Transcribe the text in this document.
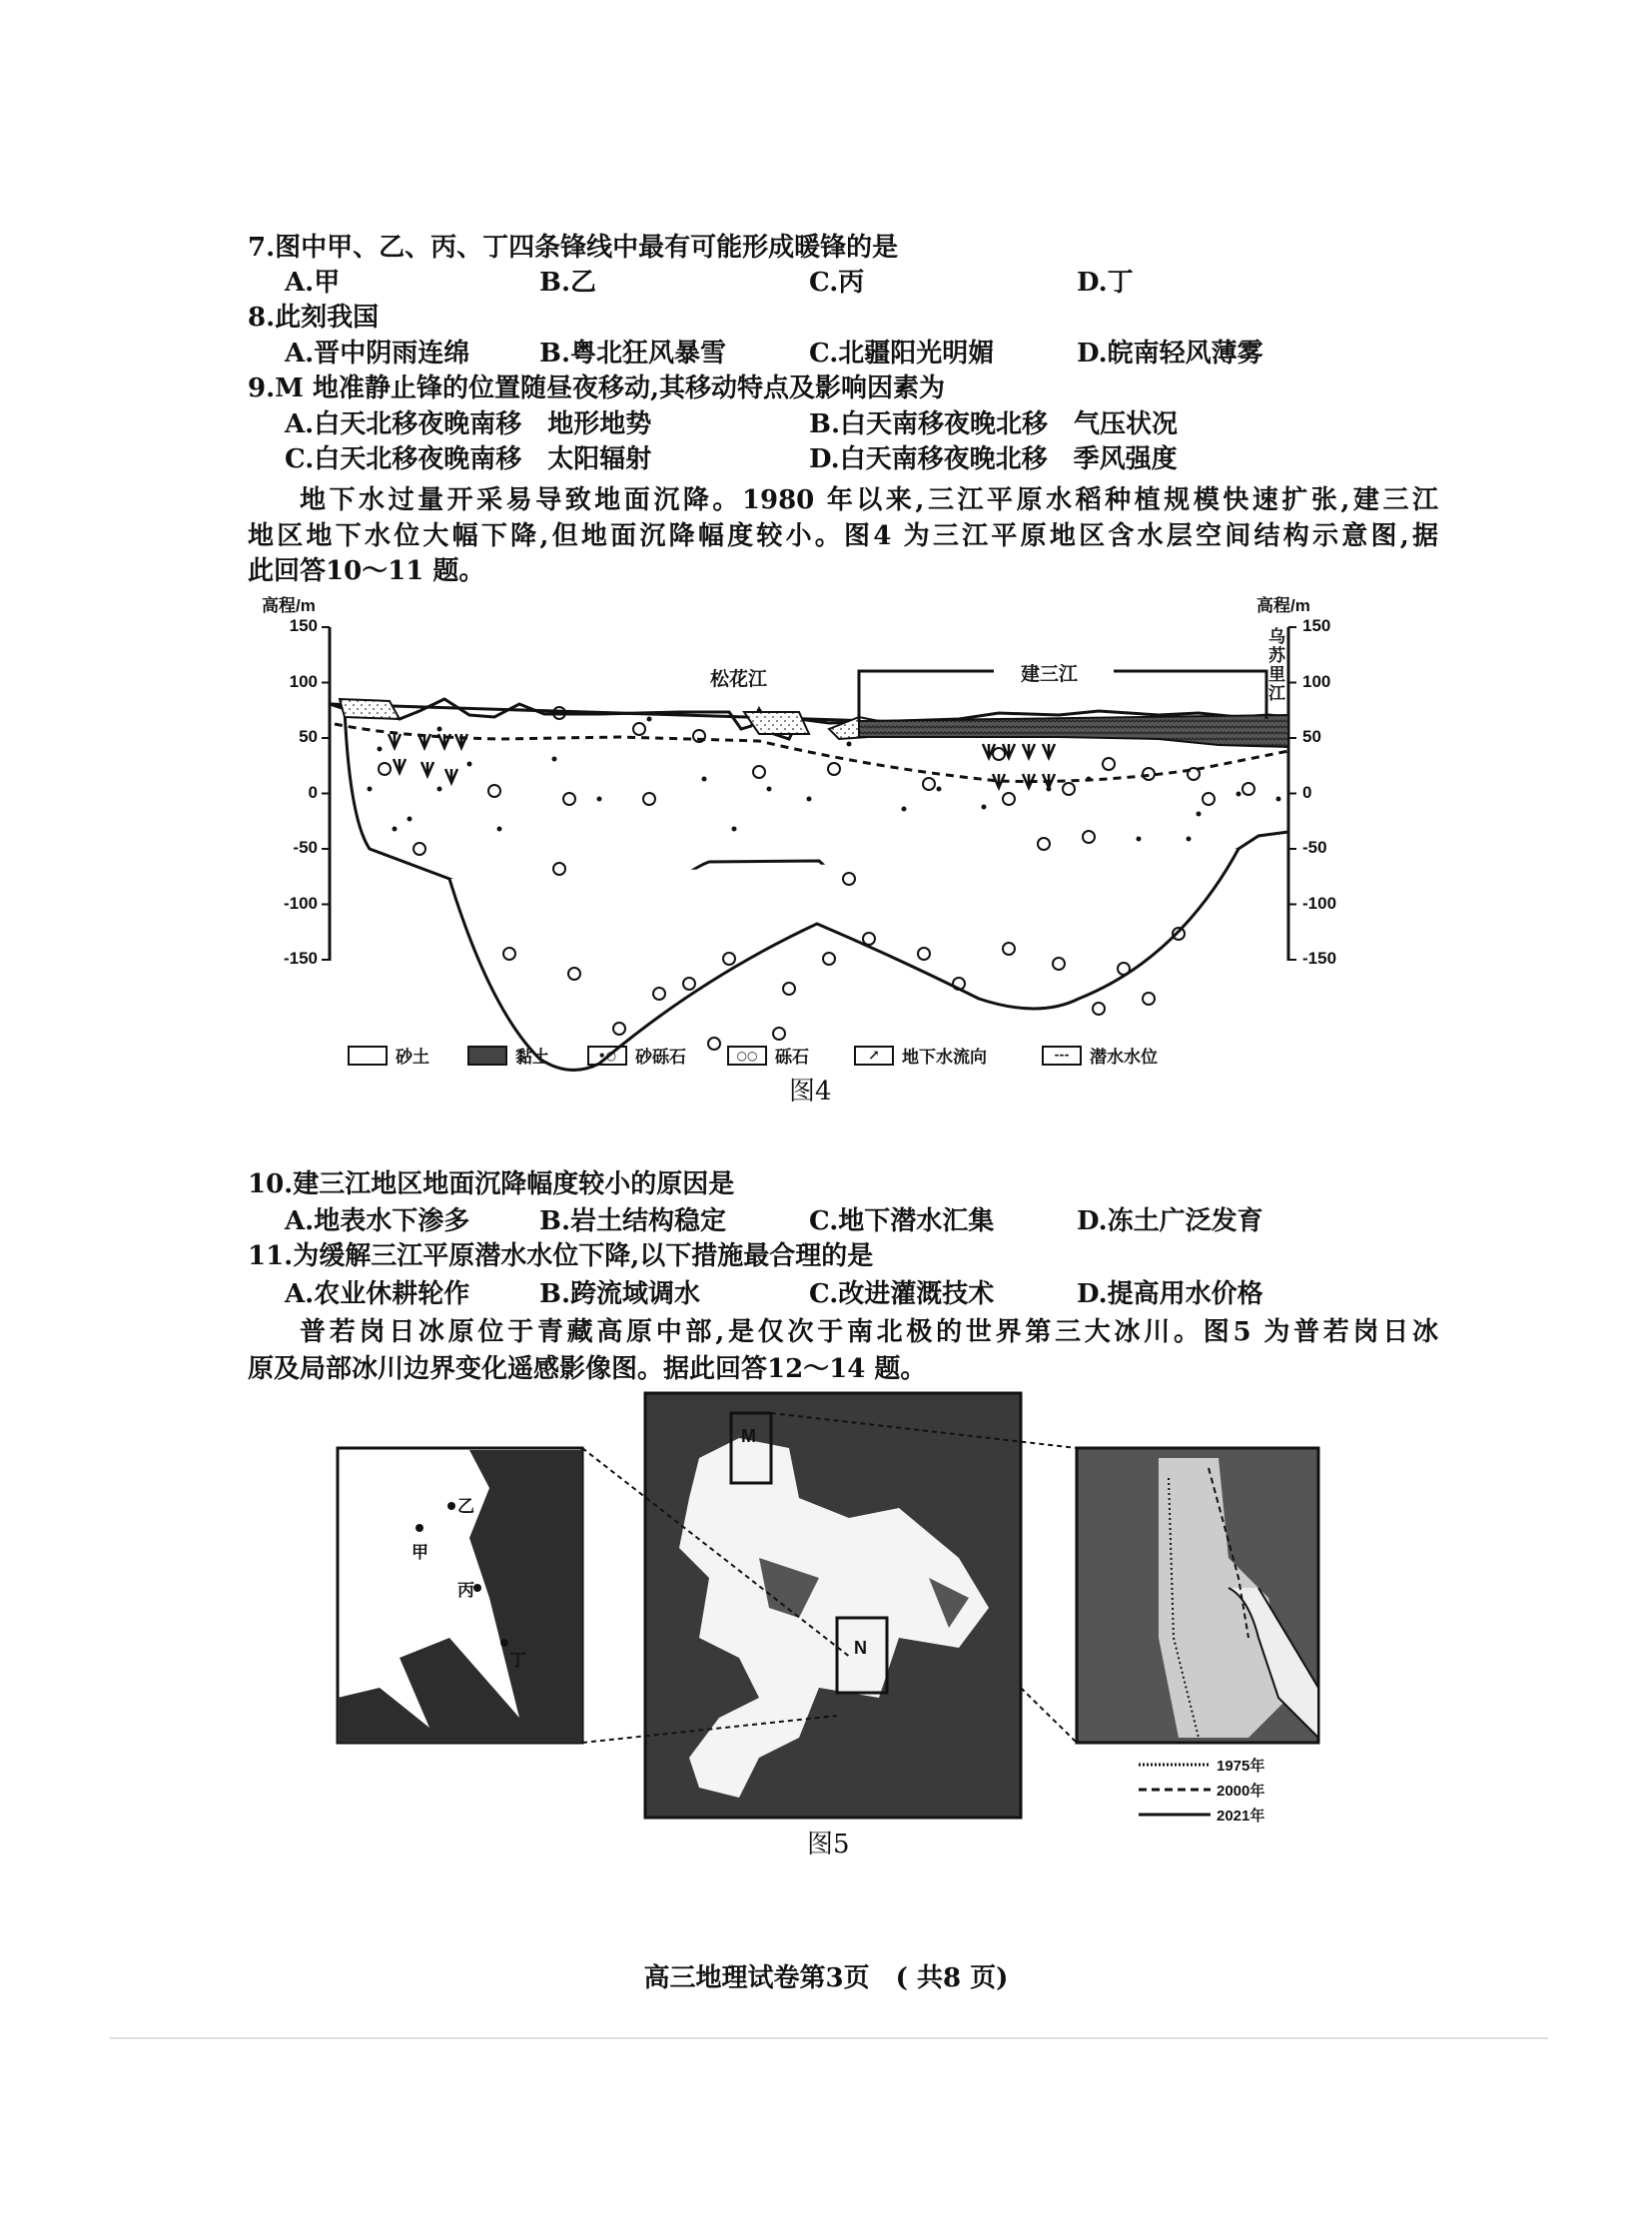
7.图中甲、乙、丙、丁四条锋线中最有可能形成暖锋的是
A.甲	B.乙	C.丙	D.丁
8.此刻我国
A.晋中阴雨连绵	B.粤北狂风暴雪	C.北疆阳光明媚	D.皖南轻风薄雾
9.M 地准静止锋的位置随昼夜移动,其移动特点及影响因素为
A.白天北移夜晚南移　地形地势	B.白天南移夜晚北移　气压状况
C.白天北移夜晚南移　太阳辐射	D.白天南移夜晚北移　季风强度
地下水过量开采易导致地面沉降。1980 年以来,三江平原水稻种植规模快速扩张,建三江
地区地下水位大幅下降,但地面沉降幅度较小。图4 为三江平原地区含水层空间结构示意图,据
此回答10～11 题。
高程/m	高程/m
松花江	建三江
乌
苏
里
江
砂土	黏土	•○	砂砾石	○○	砾石	↗	地下水流向	---	潜水水位
图4
10.建三江地区地面沉降幅度较小的原因是
A.地表水下渗多	B.岩土结构稳定	C.地下潜水汇集	D.冻土广泛发育
11.为缓解三江平原潜水水位下降,以下措施最合理的是
A.农业休耕轮作	B.跨流域调水	C.改进灌溉技术	D.提高用水价格
普若岗日冰原位于青藏高原中部,是仅次于南北极的世界第三大冰川。图5 为普若岗日冰
原及局部冰川边界变化遥感影像图。据此回答12～14 题。
M
N
乙
甲
丙
丁
1975年
2000年
2021年
图5
高三地理试卷第3页　( 共8 页)
150	150
100	100
50	50
0	0
-50	-50
-100	-100
-150	-150
